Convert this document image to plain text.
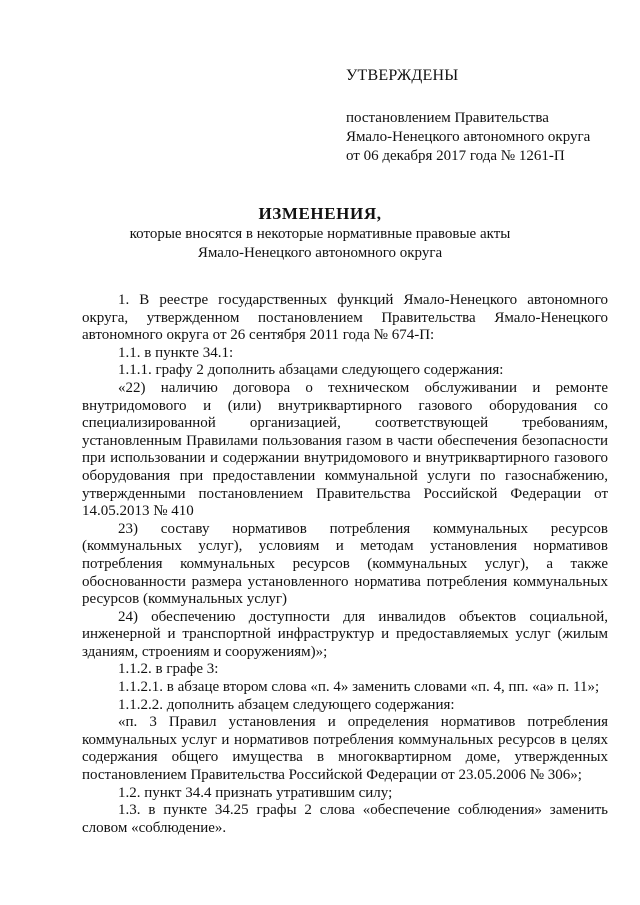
УТВЕРЖДЕНЫ
постановлением Правительства
Ямало-Ненецкого автономного округа
от 06 декабря 2017 года № 1261-П
ИЗМЕНЕНИЯ,
которые вносятся в некоторые нормативные правовые акты
Ямало-Ненецкого автономного округа

1. В реестре государственных функций Ямало-Ненецкого автономного округа, утвержденном постановлением Правительства Ямало-Ненецкого автономного округа от 26 сентября 2011 года № 674-П:

1.1. в пункте 34.1:

1.1.1. графу 2 дополнить абзацами следующего содержания:

«22) наличию договора о техническом обслуживании и ремонте внутридомового и (или) внутриквартирного газового оборудования со специализированной организацией, соответствующей требованиям, установленным Правилами пользования газом в части обеспечения безопасности при использовании и содержании внутридомового и внутриквартирного газового оборудования при предоставлении коммунальной услуги по газоснабжению, утвержденными постановлением Правительства Российской Федерации от 14.05.2013 № 410

23) составу нормативов потребления коммунальных ресурсов (коммунальных услуг), условиям и методам установления нормативов потребления коммунальных ресурсов (коммунальных услуг), а также обоснованности размера установленного норматива потребления коммунальных ресурсов (коммунальных услуг)

24) обеспечению доступности для инвалидов объектов социальной, инженерной и транспортной инфраструктур и предоставляемых услуг (жилым зданиям, строениям и сооружениям)»;

1.1.2. в графе 3:

1.1.2.1. в абзаце втором слова «п. 4» заменить словами «п. 4, пп. «а» п. 11»;

1.1.2.2. дополнить абзацем следующего содержания:

«п. 3 Правил установления и определения нормативов потребления коммунальных услуг и нормативов потребления коммунальных ресурсов в целях содержания общего имущества в многоквартирном доме, утвержденных постановлением Правительства Российской Федерации от 23.05.2006 № 306»;

1.2. пункт 34.4 признать утратившим силу;

1.3. в пункте 34.25 графы 2 слова «обеспечение соблюдения» заменить словом «соблюдение».
